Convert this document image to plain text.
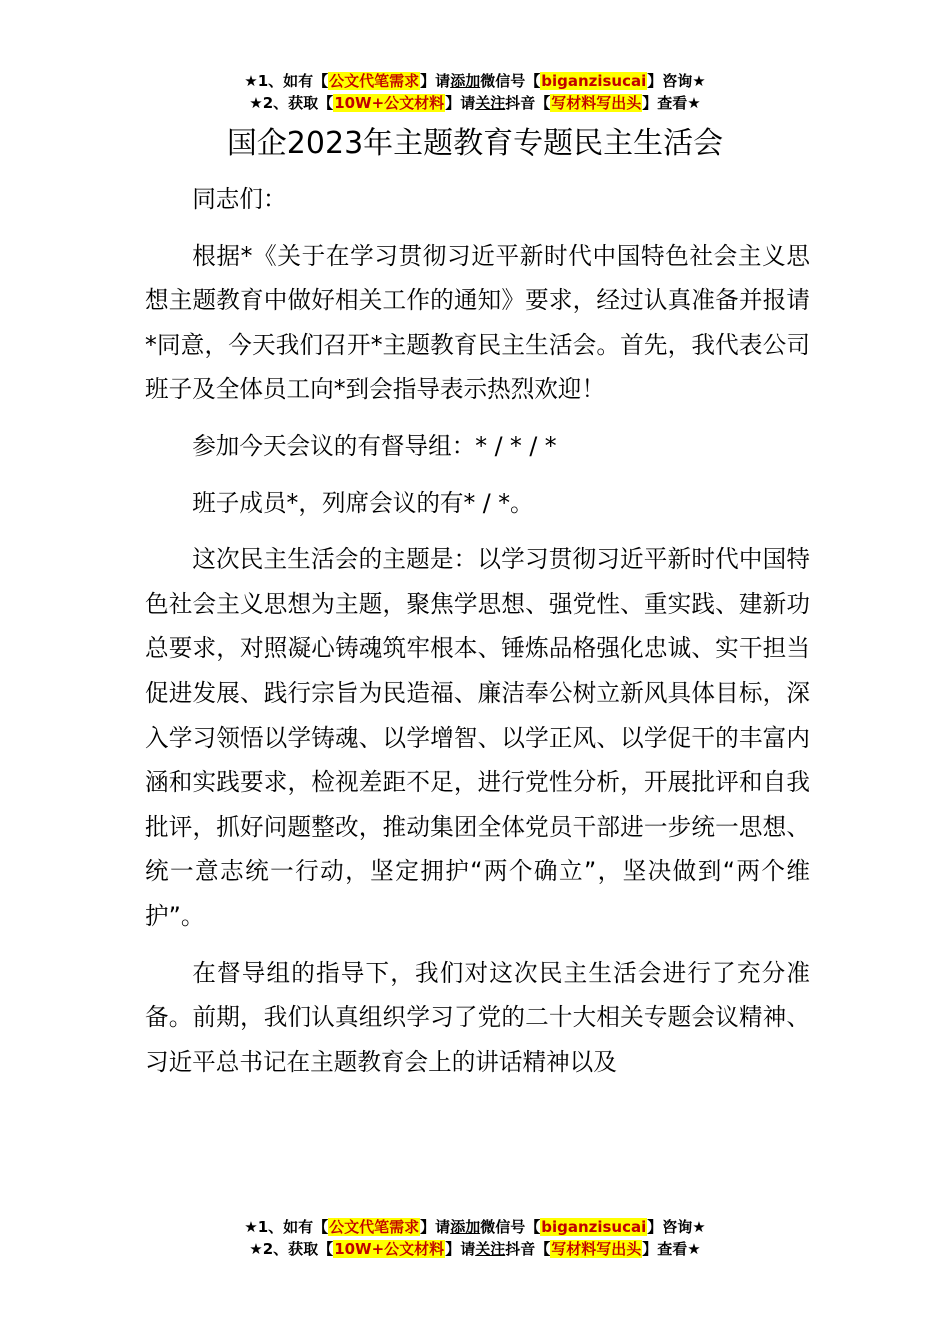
★1、如有【公文代笔需求】请添加微信号【biganzisucai】咨询★
★2、获取【10W+公文材料】请关注抖音【写材料写出头】查看★
国企2023年主题教育专题民主生活会

同志们：

根据*《关于在学习贯彻习近平新时代中国特色社会主义思想主题教育中做好相关工作的通知》要求，经过认真准备并报请*同意，今天我们召开*主题教育民主生活会。首先，我代表公司班子及全体员工向*到会指导表示热烈欢迎！

参加今天会议的有督导组：* / * / *

班子成员*，列席会议的有* / *。

这次民主生活会的主题是：以学习贯彻习近平新时代中国特色社会主义思想为主题，聚焦学思想、强党性、重实践、建新功总要求，对照凝心铸魂筑牢根本、锤炼品格强化忠诚、实干担当促进发展、践行宗旨为民造福、廉洁奉公树立新风具体目标，深入学习领悟以学铸魂、以学增智、以学正风、以学促干的丰富内涵和实践要求，检视差距不足，进行党性分析，开展批评和自我批评，抓好问题整改，推动集团全体党员干部进一步统一思想、统一意志统一行动，坚定拥护“两个确立”，坚决做到“两个维护”。

在督导组的指导下，我们对这次民主生活会进行了充分准备。前期，我们认真组织学习了党的二十大相关专题会议精神、习近平总书记在主题教育会上的讲话精神以及

★1、如有【公文代笔需求】请添加微信号【biganzisucai】咨询★
★2、获取【10W+公文材料】请关注抖音【写材料写出头】查看★
